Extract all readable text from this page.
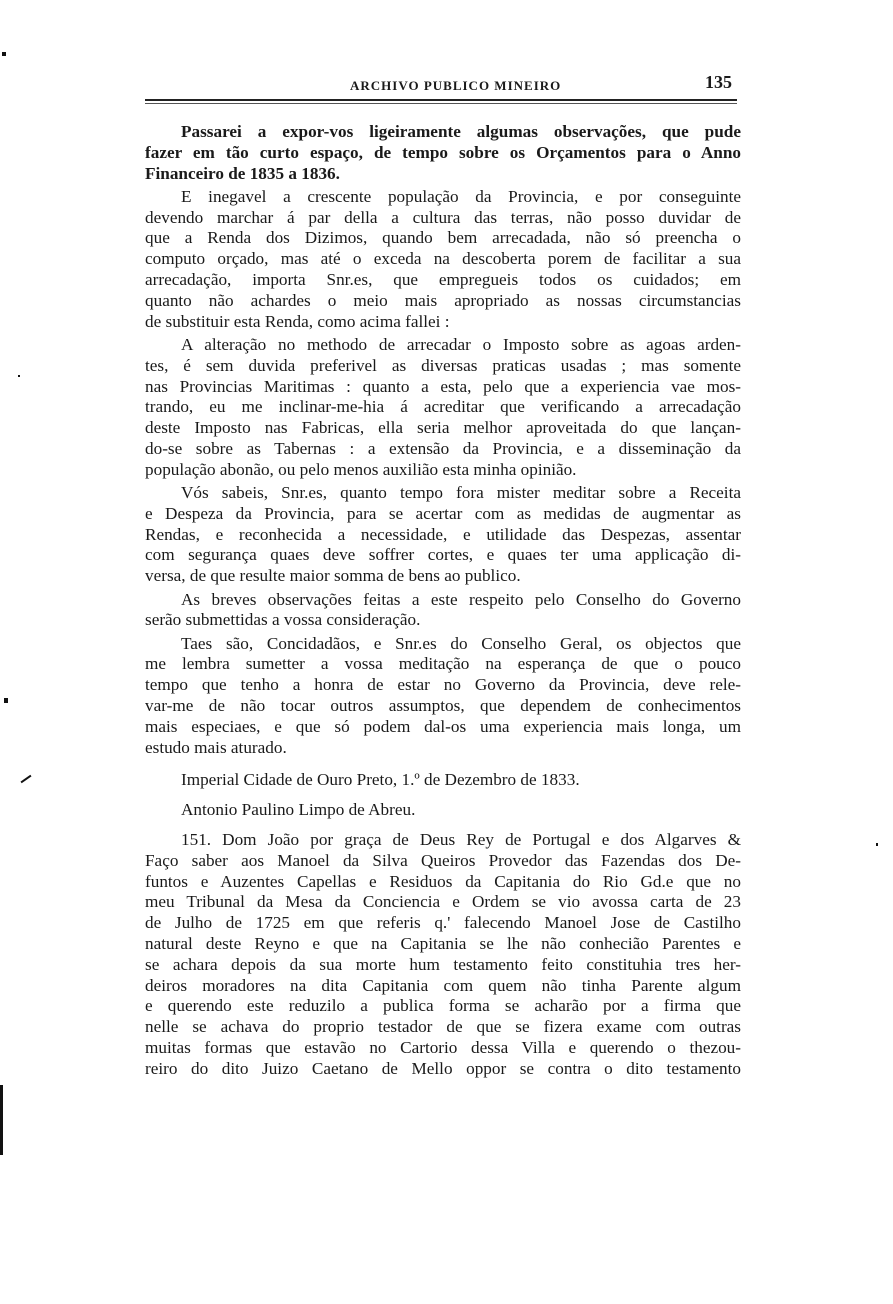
ARCHIVO PUBLICO MINEIRO	135
Passarei a expor-vos ligeiramente algumas observações, que pude
fazer em tão curto espaço, de tempo sobre os Orçamentos para o Anno
Financeiro de 1835 a 1836.
E inegavel a crescente população da Provincia, e por conseguinte
devendo marchar á par della a cultura das terras, não posso duvidar de
que a Renda dos Dizimos, quando bem arrecadada, não só preencha o
computo orçado, mas até o exceda na descoberta porem de facilitar a sua
arrecadação, importa Snr.es, que empregueis todos os cuidados; em
quanto não achardes o meio mais apropriado as nossas circumstancias
de substituir esta Renda, como acima fallei :
A alteração no methodo de arrecadar o Imposto sobre as agoas arden-
tes, é sem duvida preferivel as diversas praticas usadas ; mas somente
nas Provincias Maritimas : quanto a esta, pelo que a experiencia vae mos-
trando, eu me inclinar-me-hia á acreditar que verificando a arrecadação
deste Imposto nas Fabricas, ella seria melhor aproveitada do que lançan-
do-se sobre as Tabernas : a extensão da Provincia, e a disseminação da
população abonão, ou pelo menos auxilião esta minha opinião.
Vós sabeis, Snr.es, quanto tempo fora mister meditar sobre a Receita
e Despeza da Provincia, para se acertar com as medidas de augmentar as
Rendas, e reconhecida a necessidade, e utilidade das Despezas, assentar
com segurança quaes deve soffrer cortes, e quaes ter uma applicação di-
versa, de que resulte maior somma de bens ao publico.
As breves observações feitas a este respeito pelo Conselho do Governo
serão submettidas a vossa consideração.
Taes são, Concidadãos, e Snr.es do Conselho Geral, os objectos que
me lembra sumetter a vossa meditação na esperança de que o pouco
tempo que tenho a honra de estar no Governo da Provincia, deve rele-
var-me de não tocar outros assumptos, que dependem de conhecimentos
mais especiaes, e que só podem dal-os uma experiencia mais longa, um
estudo mais aturado.
Imperial Cidade de Ouro Preto, 1.º de Dezembro de 1833.
Antonio Paulino Limpo de Abreu.
151. Dom João por graça de Deus Rey de Portugal e dos Algarves &
Faço saber aos Manoel da Silva Queiros Provedor das Fazendas dos De-
funtos e Auzentes Capellas e Residuos da Capitania do Rio Gd.e que no
meu Tribunal da Mesa da Conciencia e Ordem se vio avossa carta de 23
de Julho de 1725 em que referis q.' falecendo Manoel Jose de Castilho
natural deste Reyno e que na Capitania se lhe não conhecião Parentes e
se achara depois da sua morte hum testamento feito constituhia tres her-
deiros moradores na dita Capitania com quem não tinha Parente algum
e querendo este reduzilo a publica forma se acharão por a firma que
nelle se achava do proprio testador de que se fizera exame com outras
muitas formas que estavão no Cartorio dessa Villa e querendo o thezou-
reiro do dito Juizo Caetano de Mello oppor se contra o dito testamento
